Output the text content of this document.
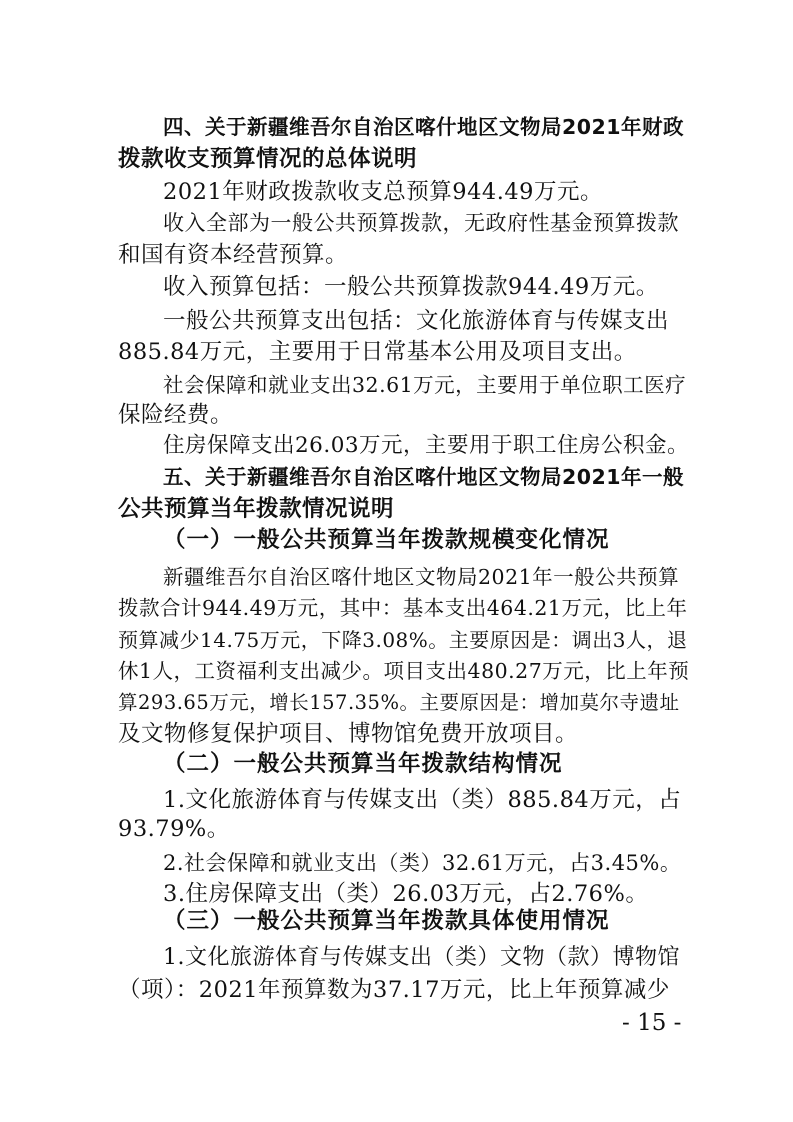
四、关于新疆维吾尔自治区喀什地区文物局2021年财政
拨款收支预算情况的总体说明
2021年财政拨款收支总预算944.49万元。
收入全部为一般公共预算拨款，无政府性基金预算拨款
和国有资本经营预算。
收入预算包括：一般公共预算拨款944.49万元。
一般公共预算支出包括：文化旅游体育与传媒支出
885.84万元，主要用于日常基本公用及项目支出。
社会保障和就业支出32.61万元，主要用于单位职工医疗
保险经费。
住房保障支出26.03万元，主要用于职工住房公积金。
五、关于新疆维吾尔自治区喀什地区文物局2021年一般
公共预算当年拨款情况说明
（一）一般公共预算当年拨款规模变化情况
新疆维吾尔自治区喀什地区文物局2021年一般公共预算
拨款合计944.49万元，其中：基本支出464.21万元，比上年
预算减少14.75万元，下降3.08%。主要原因是：调出3人，退
休1人，工资福利支出减少。项目支出480.27万元，比上年预
算293.65万元，增长157.35%。主要原因是：增加莫尔寺遗址
及文物修复保护项目、博物馆免费开放项目。
（二）一般公共预算当年拨款结构情况
1.文化旅游体育与传媒支出（类）885.84万元，占
93.79%。
2.社会保障和就业支出（类）32.61万元，占3.45%。
3.住房保障支出（类）26.03万元，占2.76%。
（三）一般公共预算当年拨款具体使用情况
1.文化旅游体育与传媒支出（类）文物（款）博物馆
（项）：2021年预算数为37.17万元，比上年预算减少
- 15 -
